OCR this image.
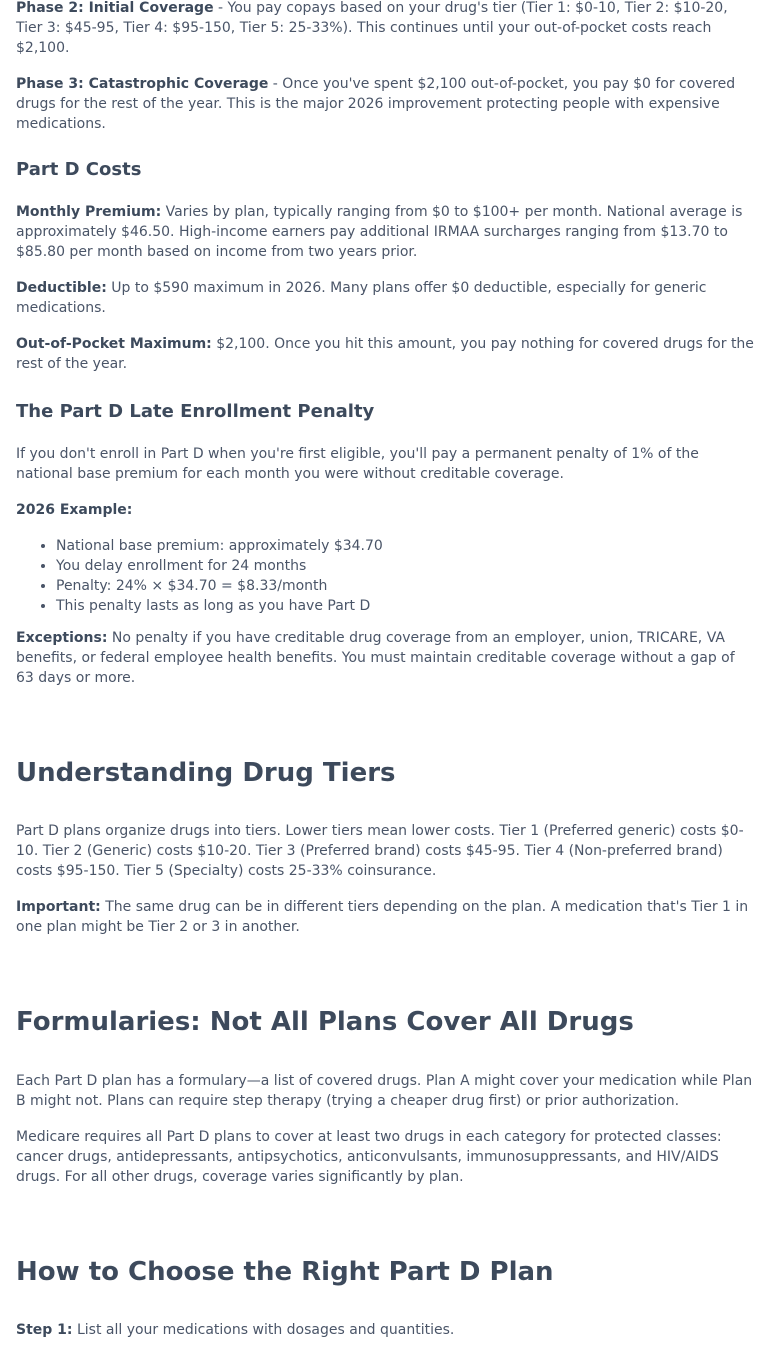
Phase 2: Initial Coverage - You pay copays based on your drug's tier (Tier 1: $0-10, Tier 2: $10-20, Tier 3: $45-95, Tier 4: $95-150, Tier 5: 25-33%). This continues until your out-of-pocket costs reach $2,100.

Phase 3: Catastrophic Coverage - Once you've spent $2,100 out-of-pocket, you pay $0 for covered drugs for the rest of the year. This is the major 2026 improvement protecting people with expensive medications.

Part D Costs

Monthly Premium: Varies by plan, typically ranging from $0 to $100+ per month. National average is approximately $46.50. High-income earners pay additional IRMAA surcharges ranging from $13.70 to $85.80 per month based on income from two years prior.

Deductible: Up to $590 maximum in 2026. Many plans offer $0 deductible, especially for generic medications.

Out-of-Pocket Maximum: $2,100. Once you hit this amount, you pay nothing for covered drugs for the rest of the year.

The Part D Late Enrollment Penalty

If you don't enroll in Part D when you're first eligible, you'll pay a permanent penalty of 1% of the national base premium for each month you were without creditable coverage.

2026 Example:

• National base premium: approximately $34.70
• You delay enrollment for 24 months
• Penalty: 24% × $34.70 = $8.33/month
• This penalty lasts as long as you have Part D

Exceptions: No penalty if you have creditable drug coverage from an employer, union, TRICARE, VA benefits, or federal employee health benefits. You must maintain creditable coverage without a gap of 63 days or more.

Understanding Drug Tiers

Part D plans organize drugs into tiers. Lower tiers mean lower costs. Tier 1 (Preferred generic) costs $0-10. Tier 2 (Generic) costs $10-20. Tier 3 (Preferred brand) costs $45-95. Tier 4 (Non-preferred brand) costs $95-150. Tier 5 (Specialty) costs 25-33% coinsurance.

Important: The same drug can be in different tiers depending on the plan. A medication that's Tier 1 in one plan might be Tier 2 or 3 in another.

Formularies: Not All Plans Cover All Drugs

Each Part D plan has a formulary—a list of covered drugs. Plan A might cover your medication while Plan B might not. Plans can require step therapy (trying a cheaper drug first) or prior authorization.

Medicare requires all Part D plans to cover at least two drugs in each category for protected classes: cancer drugs, antidepressants, antipsychotics, anticonvulsants, immunosuppressants, and HIV/AIDS drugs. For all other drugs, coverage varies significantly by plan.

How to Choose the Right Part D Plan

Step 1: List all your medications with dosages and quantities.
